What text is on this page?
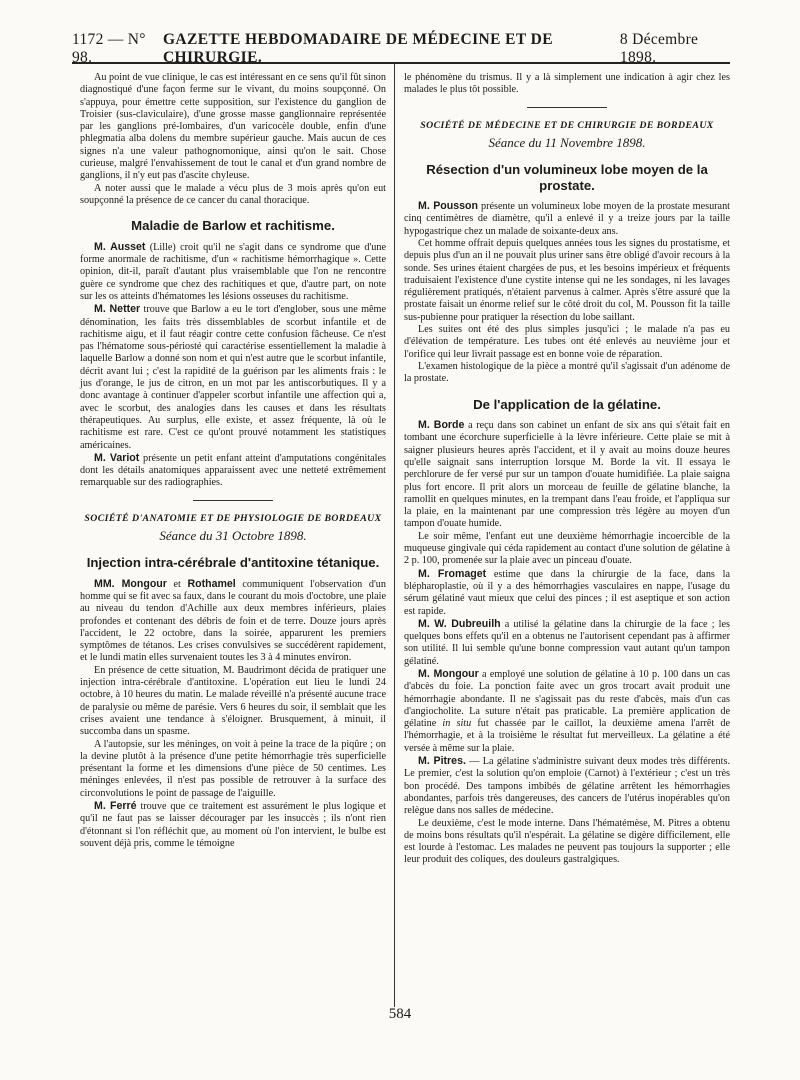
1172 — N° 98.
GAZETTE HEBDOMADAIRE DE MÉDECINE ET DE CHIRURGIE.
8 Décembre 1898.

Au point de vue clinique, le cas est intéressant en ce sens qu'il fût sinon diagnostiqué d'une façon ferme sur le vivant, du moins soupçonné. On s'appuya, pour émettre cette supposition, sur l'existence du ganglion de Troisier (sus-claviculaire), d'une grosse masse ganglionnaire représentée par les ganglions pré-lombaires, d'un varicocèle double, enfin d'une phlegmatia alba dolens du membre supérieur gauche. Mais aucun de ces signes n'a une valeur pathognomonique, ainsi qu'on le sait. Chose curieuse, malgré l'envahissement de tout le canal et d'un grand nombre de ganglions, il n'y eut pas d'ascite chyleuse.

A noter aussi que le malade a vécu plus de 3 mois après qu'on eut soupçonné la présence de ce cancer du canal thoracique.

Maladie de Barlow et rachitisme.

M. Ausset (Lille) croit qu'il ne s'agit dans ce syndrome que d'une forme anormale de rachitisme, d'un « rachitisme hémorrhagique ». Cette opinion, dit-il, paraît d'autant plus vraisemblable que l'on ne rencontre guère ce syndrome que chez des rachitiques et que, d'autre part, on note sur les os atteints d'hématomes les lésions osseuses du rachitisme.

M. Netter trouve que Barlow a eu le tort d'englober, sous une même dénomination, les faits très dissemblables de scorbut infantile et de rachitisme aigu, et il faut réagir contre cette confusion fâcheuse. Ce n'est pas l'hématome sous-périosté qui caractérise essentiellement la maladie à laquelle Barlow a donné son nom et qui n'est autre que le scorbut infantile, décrit avant lui ; c'est la rapidité de la guérison par les aliments frais : le jus d'orange, le jus de citron, en un mot par les antiscorbutiques. Il y a donc avantage à continuer d'appeler scorbut infantile une affection qui a, avec le scorbut, des analogies dans les causes et dans les résultats thérapeutiques. Au surplus, elle existe, et assez fréquente, là où le rachitisme est rare. C'est ce qu'ont prouvé notamment les statistiques américaines.

M. Variot présente un petit enfant atteint d'amputations congénitales dont les détails anatomiques apparaissent avec une netteté extrêmement remarquable sur des radiographies.

SOCIÉTÉ D'ANATOMIE ET DE PHYSIOLOGIE DE BORDEAUX
Séance du 31 Octobre 1898.
Injection intra-cérébrale d'antitoxine tétanique.

MM. Mongour et Rothamel communiquent l'observation d'un homme qui se fit avec sa faux, dans le courant du mois d'octobre, une plaie au niveau du tendon d'Achille aux deux membres inférieurs, plaies profondes et contenant des débris de foin et de terre. Douze jours après l'accident, le 22 octobre, dans la soirée, apparurent les premiers symptômes de tétanos. Les crises convulsives se succédèrent rapidement, et le lundi matin elles survenaient toutes les 3 à 4 minutes environ.

En présence de cette situation, M. Baudrimont décida de pratiquer une injection intra-cérébrale d'antitoxine. L'opération eut lieu le lundi 24 octobre, à 10 heures du matin. Le malade réveillé n'a présenté aucune trace de paralysie ou même de parésie. Vers 6 heures du soir, il semblait que les crises avaient une tendance à s'éloigner. Brusquement, à minuit, il succomba dans un spasme.

A l'autopsie, sur les méninges, on voit à peine la trace de la piqûre ; on la devine plutôt à la présence d'une petite hémorrhagie très superficielle présentant la forme et les dimensions d'une pièce de 50 centimes. Les méninges enlevées, il n'est pas possible de retrouver à la surface des circonvolutions le point de passage de l'aiguille.

M. Ferré trouve que ce traitement est assurément le plus logique et qu'il ne faut pas se laisser décourager par les insuccès ; ils n'ont rien d'étonnant si l'on réfléchit que, au moment où l'on intervient, le bulbe est souvent déjà pris, comme le témoigne

le phénomène du trismus. Il y a là simplement une indication à agir chez les malades le plus tôt possible.

SOCIÉTÉ DE MÉDECINE ET DE CHIRURGIE DE BORDEAUX
Séance du 11 Novembre 1898.
Résection d'un volumineux lobe moyen de la prostate.

M. Pousson présente un volumineux lobe moyen de la prostate mesurant cinq centimètres de diamètre, qu'il a enlevé il y a treize jours par la taille hypogastrique chez un malade de soixante-deux ans.

Cet homme offrait depuis quelques années tous les signes du prostatisme, et depuis plus d'un an il ne pouvait plus uriner sans être obligé d'avoir recours à la sonde. Ses urines étaient chargées de pus, et les besoins impérieux et fréquents traduisaient l'existence d'une cystite intense qui ne les sondages, ni les lavages régulièrement pratiqués, n'étaient parvenus à calmer. Après s'être assuré que la prostate faisait un énorme relief sur le côté droit du col, M. Pousson fit la taille sus-pubienne pour pratiquer la résection du lobe saillant.

Les suites ont été des plus simples jusqu'ici ; le malade n'a pas eu d'élévation de température. Les tubes ont été enlevés au neuvième jour et l'orifice qui leur livrait passage est en bonne voie de réparation.

L'examen histologique de la pièce a montré qu'il s'agissait d'un adénome de la prostate.

De l'application de la gélatine.

M. Borde a reçu dans son cabinet un enfant de six ans qui s'était fait en tombant une écorchure superficielle à la lèvre inférieure. Cette plaie se mit à saigner plusieurs heures après l'accident, et il y avait au moins douze heures qu'elle saignait sans interruption lorsque M. Borde la vit. Il essaya le perchlorure de fer versé pur sur un tampon d'ouate humidifiée. La plaie saigna plus fort encore. Il prit alors un morceau de feuille de gélatine blanche, la ramollit en quelques minutes, en la trempant dans l'eau froide, et l'appliqua sur la plaie, en la maintenant par une compression très légère au moyen d'un tampon d'ouate humide.

Le soir même, l'enfant eut une deuxième hémorrhagie incoercible de la muqueuse gingivale qui céda rapidement au contact d'une solution de gélatine à 2 p. 100, promenée sur la plaie avec un pinceau d'ouate.

M. Fromaget estime que dans la chirurgie de la face, dans la blépharoplastie, où il y a des hémorrhagies vasculaires en nappe, l'usage du sérum gélatiné vaut mieux que celui des pinces ; il est aseptique et son action est rapide.

M. W. Dubreuilh a utilisé la gélatine dans la chirurgie de la face ; les quelques bons effets qu'il en a obtenus ne l'autorisent cependant pas à affirmer son utilité. Il lui semble qu'une bonne compression vaut autant qu'un tampon gélatiné.

M. Mongour a employé une solution de gélatine à 10 p. 100 dans un cas d'abcès du foie. La ponction faite avec un gros trocart avait produit une hémorrhagie abondante. Il ne s'agissait pas du reste d'abcès, mais d'un cas d'angiocholite. La suture n'était pas praticable. La première application de gélatine in situ fut chassée par le caillot, la deuxième amena l'arrêt de l'hémorrhagie, et à la troisième le résultat fut merveilleux. La gélatine a été versée à même sur la plaie.

M. Pitres. — La gélatine s'administre suivant deux modes très différents. Le premier, c'est la solution qu'on emploie (Carnot) à l'extérieur ; c'est un très bon procédé. Des tampons imbibés de gélatine arrêtent les hémorrhagies abondantes, parfois très dangereuses, des cancers de l'utérus inopérables qu'on relègue dans nos salles de médecine.

Le deuxième, c'est le mode interne. Dans l'hématémèse, M. Pitres a obtenu de moins bons résultats qu'il n'espérait. La gélatine se digère difficilement, elle est lourde à l'estomac. Les malades ne peuvent pas toujours la supporter ; elle leur produit des coliques, des douleurs gastralgiques.

584
